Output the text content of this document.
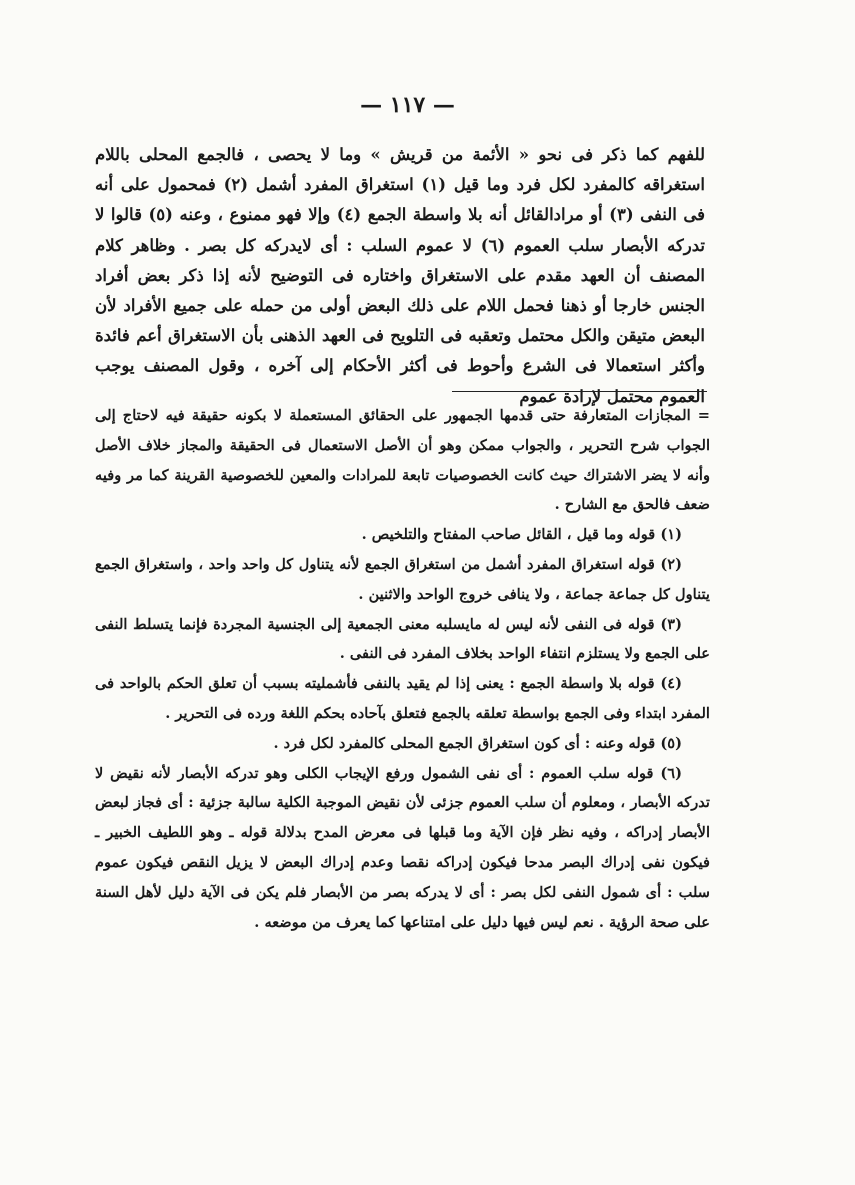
— ١١٧ —

للفهم كما ذكر فى نحو « الأئمة من قريش » وما لا يحصى ، فالجمع المحلى باللام استغراقه كالمفرد لكل فرد وما قيل (١) استغراق المفرد أشمل (٢) فمحمول على أنه فى النفى (٣) أو مرادالقائل أنه بلا واسطة الجمع (٤) وإلا فهو ممنوع ، وعنه (٥) قالوا لا تدركه الأبصار سلب العموم (٦) لا عموم السلب : أى لايدركه كل بصر . وظاهر كلام المصنف أن العهد مقدم على الاستغراق واختاره فى التوضيح لأنه إذا ذكر بعض أفراد الجنس خارجا أو ذهنا فحمل اللام على ذلك البعض أولى من حمله على جميع الأفراد لأن البعض متيقن والكل محتمل وتعقبه فى التلويح فى العهد الذهنى بأن الاستغراق أعم فائدة وأكثر استعمالا فى الشرع وأحوط فى أكثر الأحكام إلى آخره ، وقول المصنف يوجب العموم محتمل لإرادة عموم

= المجازات المتعارفة حتى قدمها الجمهور على الحقائق المستعملة لا بكونه حقيقة فيه لاحتاج إلى الجواب شرح التحرير ، والجواب ممكن وهو أن الأصل الاستعمال فى الحقيقة والمجاز خلاف الأصل وأنه لا يضر الاشتراك حيث كانت الخصوصيات تابعة للمرادات والمعين للخصوصية القرينة كما مر وفيه ضعف فالحق مع الشارح .

(١) قوله وما قيل ، القائل صاحب المفتاح والتلخيص .

(٢) قوله استغراق المفرد أشمل من استغراق الجمع لأنه يتناول كل واحد واحد ، واستغراق الجمع يتناول كل جماعة جماعة ، ولا ينافى خروج الواحد والاثنين .

(٣) قوله فى النفى لأنه ليس له مايسلبه معنى الجمعية إلى الجنسية المجردة فإنما يتسلط النفى على الجمع ولا يستلزم انتفاء الواحد بخلاف المفرد فى النفى .

(٤) قوله بلا واسطة الجمع : يعنى إذا لم يقيد بالنفى فأشمليته بسبب أن تعلق الحكم بالواحد فى المفرد ابتداء وفى الجمع بواسطة تعلقه بالجمع فتعلق بآحاده بحكم اللغة ورده فى التحرير .

(٥) قوله وعنه : أى كون استغراق الجمع المحلى كالمفرد لكل فرد .

(٦) قوله سلب العموم : أى نفى الشمول ورفع الإيجاب الكلى وهو تدركه الأبصار لأنه نقيض لا تدركه الأبصار ، ومعلوم أن سلب العموم جزئى لأن نقيض الموجبة الكلية سالبة جزئية : أى فجاز لبعض الأبصار إدراكه ، وفيه نظر فإن الآية وما قبلها فى معرض المدح بدلالة قوله ـ وهو اللطيف الخبير ـ فيكون نفى إدراك البصر مدحا فيكون إدراكه نقصا وعدم إدراك البعض لا يزيل النقص فيكون عموم سلب : أى شمول النفى لكل بصر : أى لا يدركه بصر من الأبصار فلم يكن فى الآية دليل لأهل السنة على صحة الرؤية . نعم ليس فيها دليل على امتناعها كما يعرف من موضعه .
